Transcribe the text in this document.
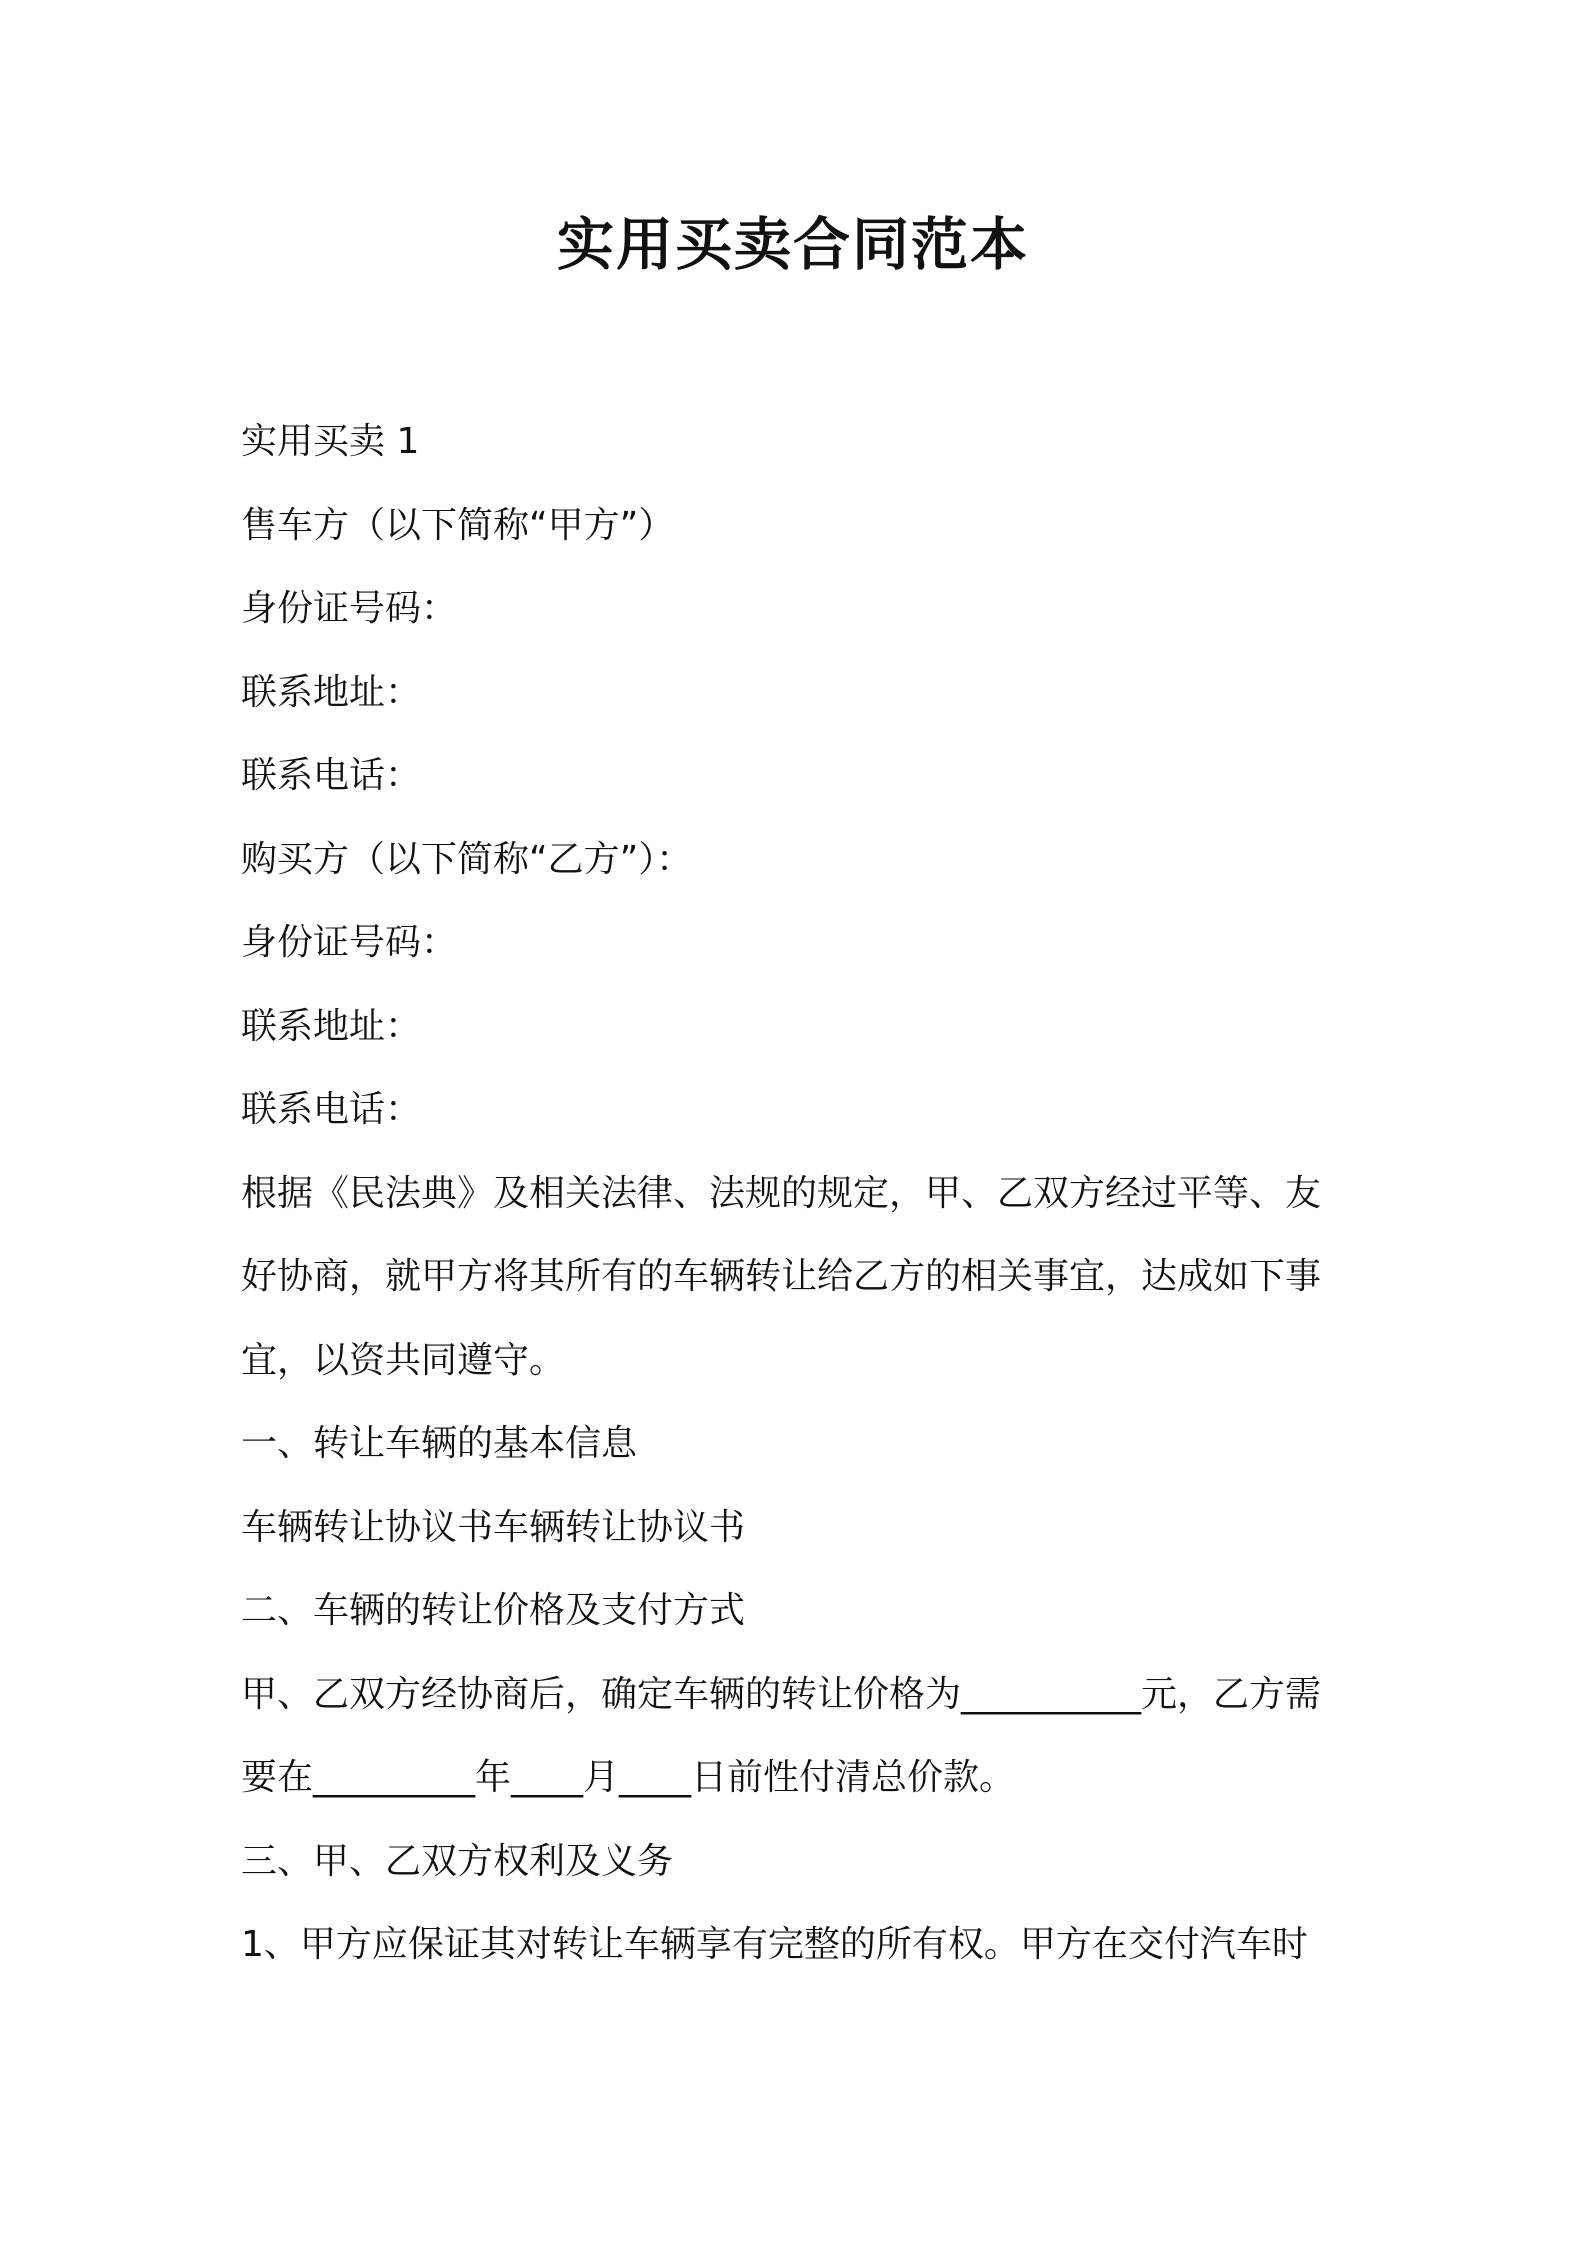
实用买卖合同范本

实用买卖 1

售车方（以下简称“甲方”）

身份证号码：

联系地址：

联系电话：

购买方（以下简称“乙方”）：

身份证号码：

联系地址：

联系电话：

根据《民法典》及相关法律、法规的规定，甲、乙双方经过平等、友

好协商，就甲方将其所有的车辆转让给乙方的相关事宜，达成如下事

宜，以资共同遵守。

一、转让车辆的基本信息

车辆转让协议书车辆转让协议书

二、车辆的转让价格及支付方式

甲、乙双方经协商后，确定车辆的转让价格为__________元，乙方需

要在_________年____月____日前性付清总价款。

三、甲、乙双方权利及义务

1、甲方应保证其对转让车辆享有完整的所有权。甲方在交付汽车时
